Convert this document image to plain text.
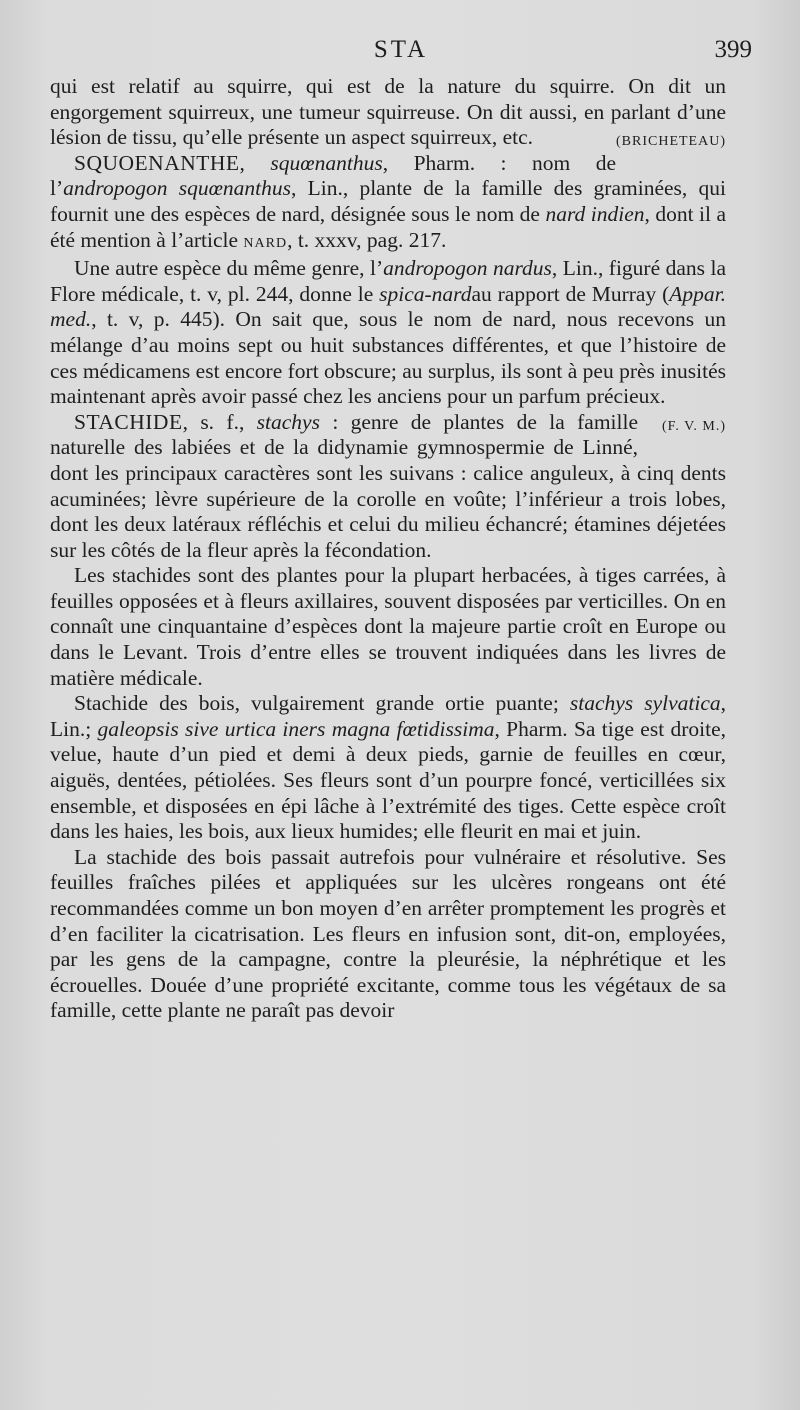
STA	399

qui est relatif au squirre, qui est de la nature du squirre. On dit un engorgement squirreux, une tumeur squirreuse. On dit aussi, en parlant d’une lésion de tissu, qu’elle présente un aspect squirreux, etc.	(BRICHETEAU)

SQUOENANTHE, squœnanthus, Pharm. : nom de l’andropogon squœnanthus, Lin., plante de la famille des graminées, qui fournit une des espèces de nard, désignée sous le nom de nard indien, dont il a été mention à l’article NARD, t. xxxv, pag. 217.

Une autre espèce du même genre, l’andropogon nardus, Lin., figuré dans la Flore médicale, t. v, pl. 244, donne le spica-nardau rapport de Murray (Appar. med., t. v, p. 445). On sait que, sous le nom de nard, nous recevons un mélange d’au moins sept ou huit substances différentes, et que l’histoire de ces médicamens est encore fort obscure; au surplus, ils sont à peu près inusités maintenant après avoir passé chez les anciens pour un parfum précieux.
(F. V. M.)

STACHIDE, s. f., stachys : genre de plantes de la famille naturelle des labiées et de la didynamie gymnospermie de Linné, dont les principaux caractères sont les suivans : calice anguleux, à cinq dents acuminées; lèvre supérieure de la corolle en voûte; l’inférieur a trois lobes, dont les deux latéraux réfléchis et celui du milieu échancré; étamines déjetées sur les côtés de la fleur après la fécondation.

Les stachides sont des plantes pour la plupart herbacées, à tiges carrées, à feuilles opposées et à fleurs axillaires, souvent disposées par verticilles. On en connaît une cinquantaine d’espèces dont la majeure partie croît en Europe ou dans le Levant. Trois d’entre elles se trouvent indiquées dans les livres de matière médicale.

Stachide des bois, vulgairement grande ortie puante; stachys sylvatica, Lin.; galeopsis sive urtica iners magna fœtidissima, Pharm. Sa tige est droite, velue, haute d’un pied et demi à deux pieds, garnie de feuilles en cœur, aiguës, dentées, pétiolées. Ses fleurs sont d’un pourpre foncé, verticillées six ensemble, et disposées en épi lâche à l’extrémité des tiges. Cette espèce croît dans les haies, les bois, aux lieux humides; elle fleurit en mai et juin.

La stachide des bois passait autrefois pour vulnéraire et résolutive. Ses feuilles fraîches pilées et appliquées sur les ulcères rongeans ont été recommandées comme un bon moyen d’en arrêter promptement les progrès et d’en faciliter la cicatrisation. Les fleurs en infusion sont, dit-on, employées, par les gens de la campagne, contre la pleurésie, la néphrétique et les écrouelles. Douée d’une propriété excitante, comme tous les végétaux de sa famille, cette plante ne paraît pas devoir
